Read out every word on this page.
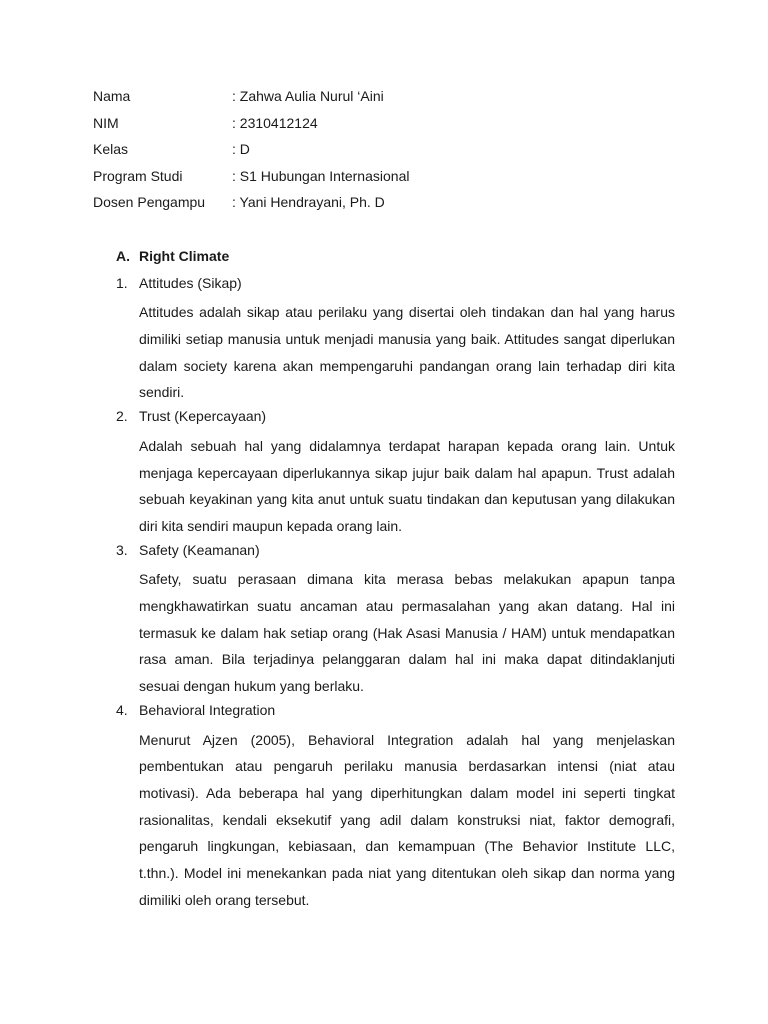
Nama	: Zahwa Aulia Nurul ‘Aini
NIM	: 2310412124
Kelas	: D
Program Studi	: S1 Hubungan Internasional
Dosen Pengampu	: Yani Hendrayani, Ph. D
A. Right Climate
1. Attitudes (Sikap)
Attitudes adalah sikap atau perilaku yang disertai oleh tindakan dan hal yang harus dimiliki setiap manusia untuk menjadi manusia yang baik. Attitudes sangat diperlukan dalam society karena akan mempengaruhi pandangan orang lain terhadap diri kita sendiri.
2. Trust (Kepercayaan)
Adalah sebuah hal yang didalamnya terdapat harapan kepada orang lain. Untuk menjaga kepercayaan diperlukannya sikap jujur baik dalam hal apapun. Trust adalah sebuah keyakinan yang kita anut untuk suatu tindakan dan keputusan yang dilakukan diri kita sendiri maupun kepada orang lain.
3. Safety (Keamanan)
Safety, suatu perasaan dimana kita merasa bebas melakukan apapun tanpa mengkhawatirkan suatu ancaman atau permasalahan yang akan datang. Hal ini termasuk ke dalam hak setiap orang (Hak Asasi Manusia / HAM) untuk mendapatkan rasa aman. Bila terjadinya pelanggaran dalam hal ini maka dapat ditindaklanjuti sesuai dengan hukum yang berlaku.
4. Behavioral Integration
Menurut Ajzen (2005), Behavioral Integration adalah hal yang menjelaskan pembentukan atau pengaruh perilaku manusia berdasarkan intensi (niat atau motivasi). Ada beberapa hal yang diperhitungkan dalam model ini seperti tingkat rasionalitas, kendali eksekutif yang adil dalam konstruksi niat, faktor demografi, pengaruh lingkungan, kebiasaan, dan kemampuan (The Behavior Institute LLC, t.thn.). Model ini menekankan pada niat yang ditentukan oleh sikap dan norma yang dimiliki oleh orang tersebut.
